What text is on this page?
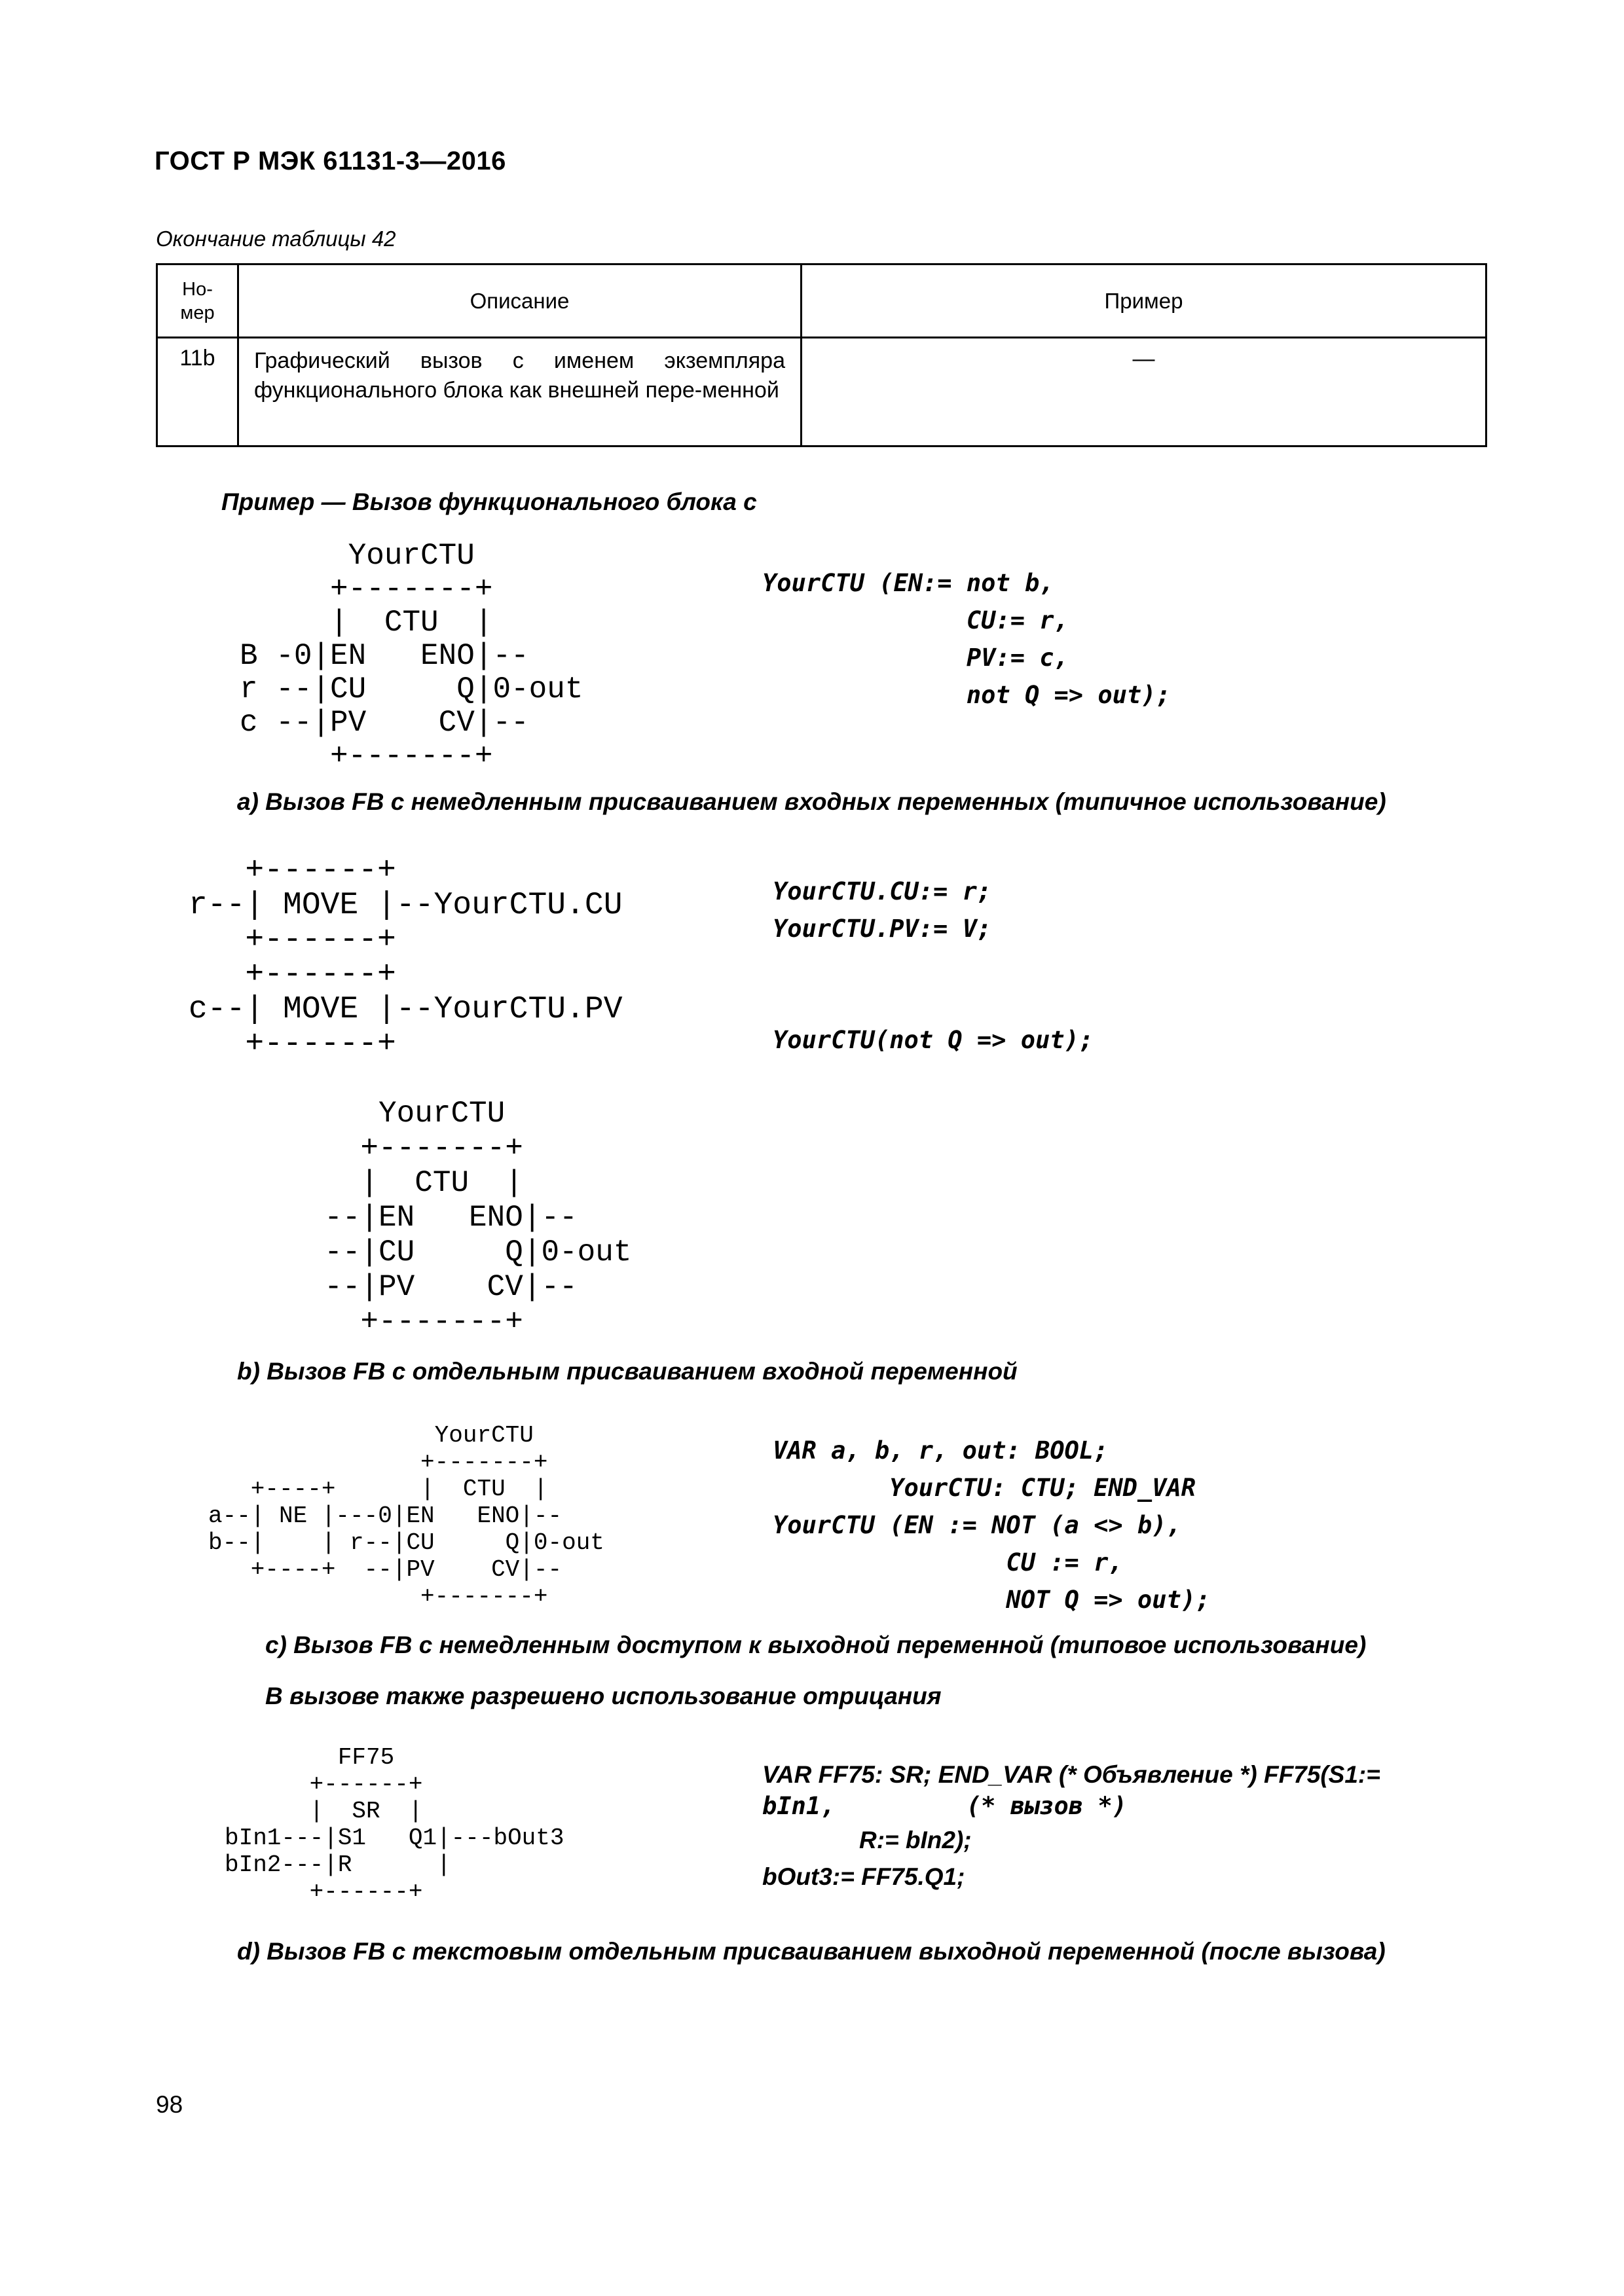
ГОСТ Р МЭК 61131-3—2016
Окончание таблицы 42
Но-
мер	Описание	Пример
11b	Графический вызов с именем экземпляра функционального блока как внешней пере-менной	—
Пример — Вызов функционального блока с
YourCTU
+-------+
|  CTU  |
B -0|EN   ENO|--
r --|CU     Q|0-out
c --|PV    CV|--
+-------+
YourCTU (EN:= not b,
CU:= r,
PV:= c,
not Q => out);
a) Вызов FB с немедленным присваиванием входных переменных (типичное использование)
+------+
r--| MOVE |--YourCTU.CU
+------+
+------+
c--| MOVE |--YourCTU.PV
+------+
YourCTU.CU:= r;
YourCTU.PV:= V;
YourCTU(not Q => out);
YourCTU
+-------+
|  CTU  |
--|EN   ENO|--
--|CU     Q|0-out
--|PV    CV|--
+-------+
b) Вызов FB с отдельным присваиванием входной переменной
YourCTU
+-------+
+----+      |  CTU  |
a--| NE |---0|EN   ENO|--
b--|    | r--|CU     Q|0-out
+----+  --|PV    CV|--
+-------+
VAR a, b, r, out: BOOL;
YourCTU: CTU; END_VAR
YourCTU (EN := NOT (a <> b),
CU := r,
NOT Q => out);
c) Вызов FB с немедленным доступом к выходной переменной (типовое использование)
В вызове также разрешено использование отрицания
FF75
+------+
|  SR  |
bIn1---|S1   Q1|---bOut3
bIn2---|R      |
+------+
VAR FF75: SR; END_VAR (* Объявление *) FF75(S1:=
bIn1,         (* вызов *)
R:= bIn2);
bOut3:= FF75.Q1;
d) Вызов FB с текстовым отдельным присваиванием выходной переменной (после вызова)
98
